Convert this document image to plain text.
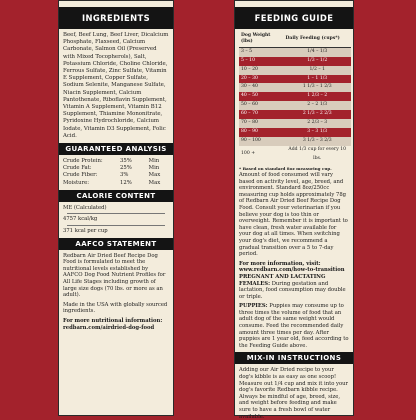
INGREDIENTS
Beef, Beef Lung, Beef Liver, Dicalcium Phosphate, Flaxseed, Calcium Carbonate, Salmon Oil (Preserved with Mixed Tocopherols), Salt, Potassium Chloride, Choline Chloride, Ferrous Sulfate, Zinc Sulfate, Vitamin E Supplement, Copper Sulfate, Sodium Selenite, Manganese Sulfate, Niacin Supplement, Calcium Pantothenate, Riboflavin Supplement, Vitamin A Supplement, Vitamin B12 Supplement, Thiamine Mononitrate, Pyridoxine Hydrochloride, Calcium Iodate, Vitamin D3 Supplement, Folic Acid.
GUARANTEED ANALYSIS
Crude Protein:	35%	Min
Crude Fat:	25%	Min
Crude Fiber:	3%	Max
Moisture:	12%	Max
CALORIE CONTENT
ME (Calculated)
4757 kcal/kg
371 kcal per cup
AAFCO STATEMENT

Redbarn Air Dried Beef Recipe Dog Food is formulated to meet the nutritional levels established by AAFCO Dog Food Nutrient Profiles for All Life Stages including growth of large size dogs (70 lbs. or more as an adult).

Made in the USA with globally sourced ingredients.

For more nutritional information:
redbarn.com/airdried-dog-food
FEEDING GUIDE
Dog Weight (lbs)	Daily Feeding (cups*)
3 – 5	1/4 – 1/3
5 – 10	1/3 – 1/2
10 – 20	1/2 – 1
20 – 30	1 – 1 1/3
30 – 40	1 1/3 – 1 2/3
40 – 50	1 2/3 – 2
50 – 60	2 – 2 1/3
60 – 70	2 1/3 – 2 2/3
70 – 80	2 2/3 – 3
80 – 90	3 – 3 1/3
90 – 100	3 1/3 – 3 2/3
100 +	Add 1/3 cup for every 10 lbs.
* Based on standard 8oz measuring cup.

Amount of food consumed will vary based on activity level, age, breed, and environment. Standard 8oz/250cc measuring cup holds approximately 78g of Redbarn Air Dried Beef Recipe Dog Food. Consult your veterinarian if you believe your dog is too thin or overweight. Remember it is important to have clean, fresh water available for your dog at all times. When switching your dog's diet, we recommend a gradual transition over a 5 to 7-day period.

For more information, visit:
www.redbarn.com/how-to-transition

PREGNANT AND LACTATING FEMALES: During gestation and lactation, food consumption may double or triple.

PUPPIES: Puppies may consume up to three times the volume of food that an adult dog of the same weight would consume. Feed the recommended daily amount three times per day. After puppies are 1 year old, feed according to the Feeding Guide above.

MIX-IN INSTRUCTIONS

Adding our Air Dried recipe to your dog's kibble is as easy as one scoop! Measure out 1/4 cup and mix it into your dog's favorite Redbarn kibble recipe. Always be mindful of age, breed, size, and weight before feeding and make sure to have a fresh bowl of water available.
